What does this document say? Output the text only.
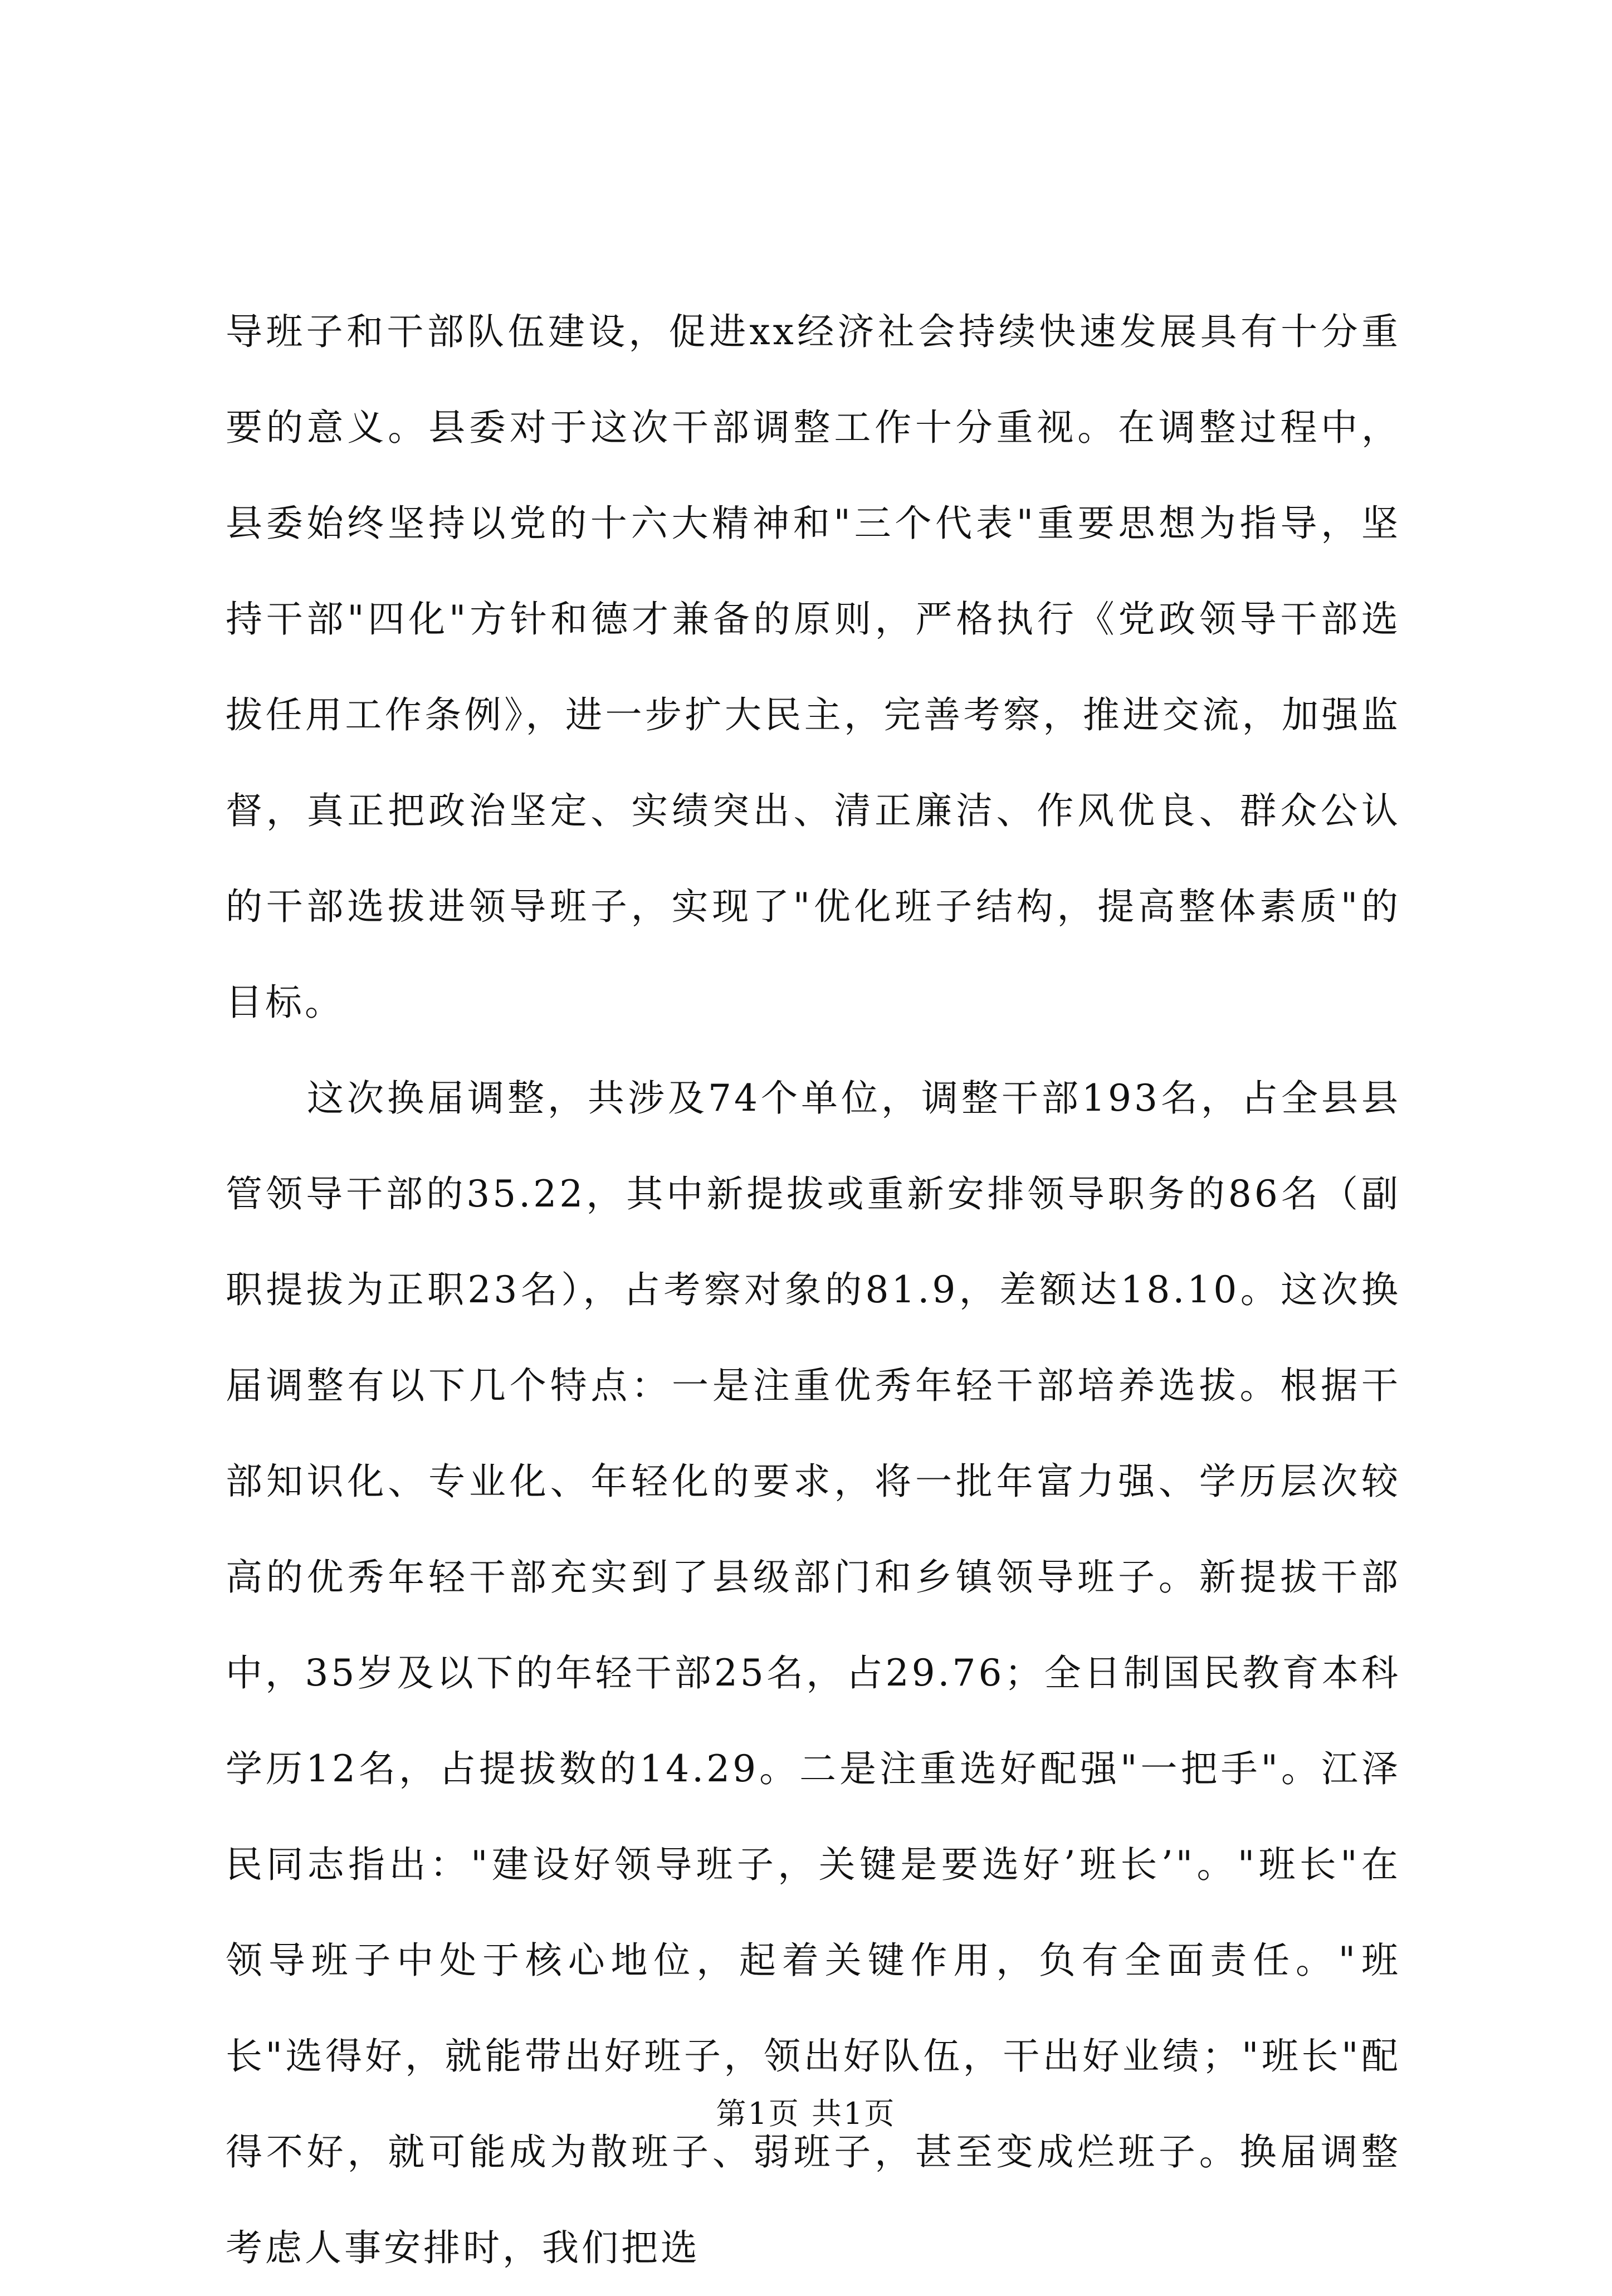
导班子和干部队伍建设，促进xx经济社会持续快速发展具有十分重要的意义。县委对于这次干部调整工作十分重视。在调整过程中，县委始终坚持以党的十六大精神和"三个代表"重要思想为指导，坚持干部"四化"方针和德才兼备的原则，严格执行《党政领导干部选拔任用工作条例》，进一步扩大民主，完善考察，推进交流，加强监督，真正把政治坚定、实绩突出、清正廉洁、作风优良、群众公认的干部选拔进领导班子，实现了"优化班子结构，提高整体素质"的目标。

这次换届调整，共涉及74个单位，调整干部193名，占全县县管领导干部的35.22，其中新提拔或重新安排领导职务的86名（副职提拔为正职23名），占考察对象的81.9，差额达18.10。这次换届调整有以下几个特点：一是注重优秀年轻干部培养选拔。根据干部知识化、专业化、年轻化的要求，将一批年富力强、学历层次较高的优秀年轻干部充实到了县级部门和乡镇领导班子。新提拔干部中，35岁及以下的年轻干部25名，占29.76；全日制国民教育本科学历12名，占提拔数的14.29。二是注重选好配强"一把手"。江泽民同志指出："建设好领导班子，关键是要选好’班长’"。"班长"在领导班子中处于核心地位，起着关键作用，负有全面责任。"班长"选得好，就能带出好班子，领出好队伍，干出好业绩；"班长"配得不好，就可能成为散班子、弱班子，甚至变成烂班子。换届调整考虑人事安排时，我们把选

第1页 共1页
